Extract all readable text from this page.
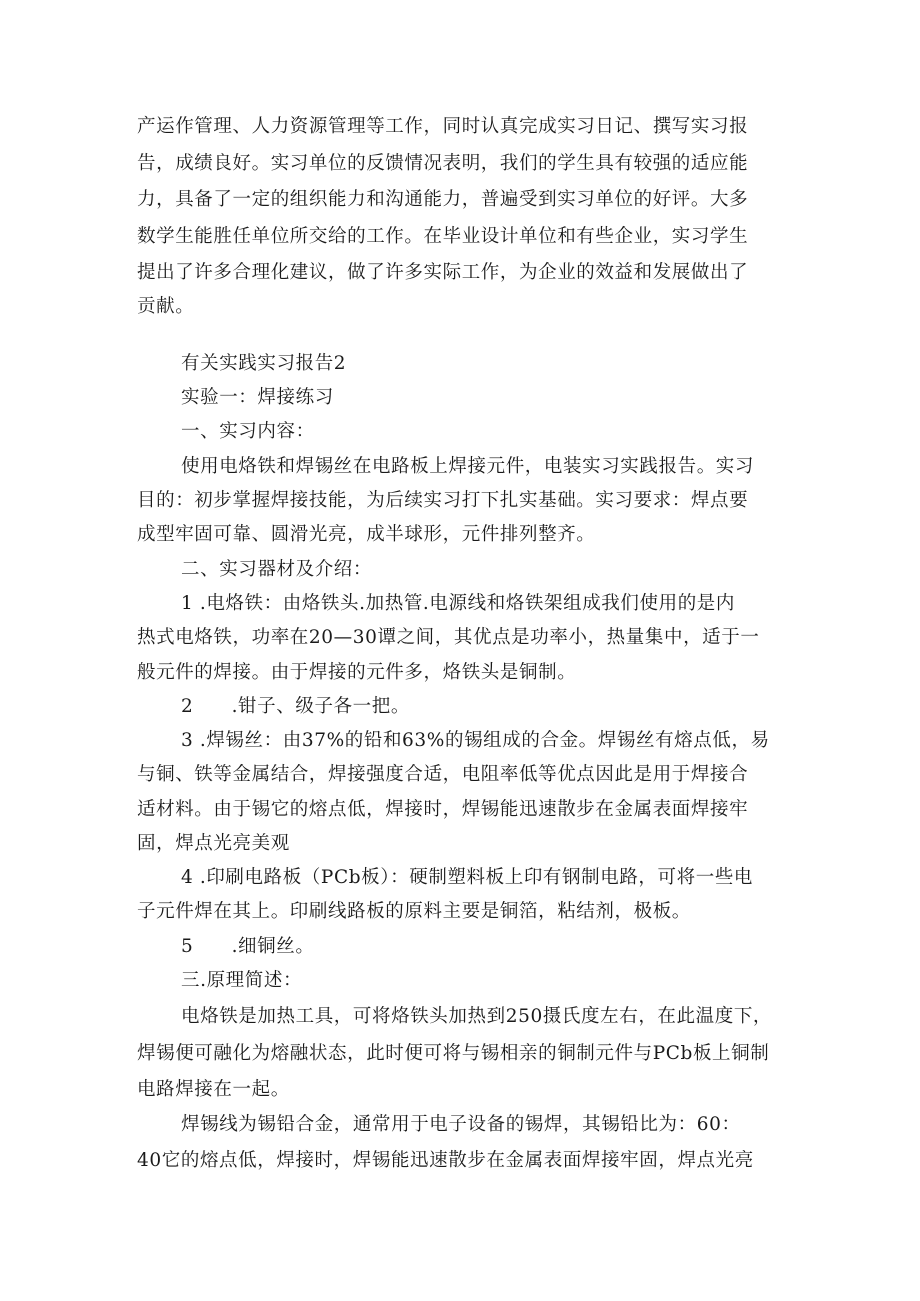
产运作管理、人力资源管理等工作，同时认真完成实习日记、撰写实习报
告，成绩良好。实习单位的反馈情况表明，我们的学生具有较强的适应能
力，具备了一定的组织能力和沟通能力，普遍受到实习单位的好评。大多
数学生能胜任单位所交给的工作。在毕业设计单位和有些企业，实习学生
提出了许多合理化建议，做了许多实际工作，为企业的效益和发展做出了
贡献。
有关实践实习报告2
实验一：焊接练习
一、实习内容：
使用电烙铁和焊锡丝在电路板上焊接元件，电装实习实践报告。实习
目的：初步掌握焊接技能，为后续实习打下扎实基础。实习要求：焊点要
成型牢固可靠、圆滑光亮，成半球形，元件排列整齐。
二、实习器材及介绍：
1 .电烙铁：由烙铁头.加热管.电源线和烙铁架组成我们使用的是内
热式电烙铁，功率在20—30谭之间，其优点是功率小，热量集中，适于一
般元件的焊接。由于焊接的元件多，烙铁头是铜制。
2　　.钳子、级子各一把。
3 .焊锡丝：由37%的铅和63%的锡组成的合金。焊锡丝有熔点低，易
与铜、铁等金属结合，焊接强度合适，电阻率低等优点因此是用于焊接合
适材料。由于锡它的熔点低，焊接时，焊锡能迅速散步在金属表面焊接牢
固，焊点光亮美观
4 .印刷电路板（PCb板）：硬制塑料板上印有钢制电路，可将一些电
子元件焊在其上。印刷线路板的原料主要是铜箔，粘结剂，极板。
5　　.细铜丝。
三.原理简述：
电烙铁是加热工具，可将烙铁头加热到250摄氏度左右，在此温度下，
焊锡便可融化为熔融状态，此时便可将与锡相亲的铜制元件与PCb板上铜制
电路焊接在一起。
焊锡线为锡铅合金，通常用于电子设备的锡焊，其锡铅比为：60：
40它的熔点低，焊接时，焊锡能迅速散步在金属表面焊接牢固，焊点光亮
